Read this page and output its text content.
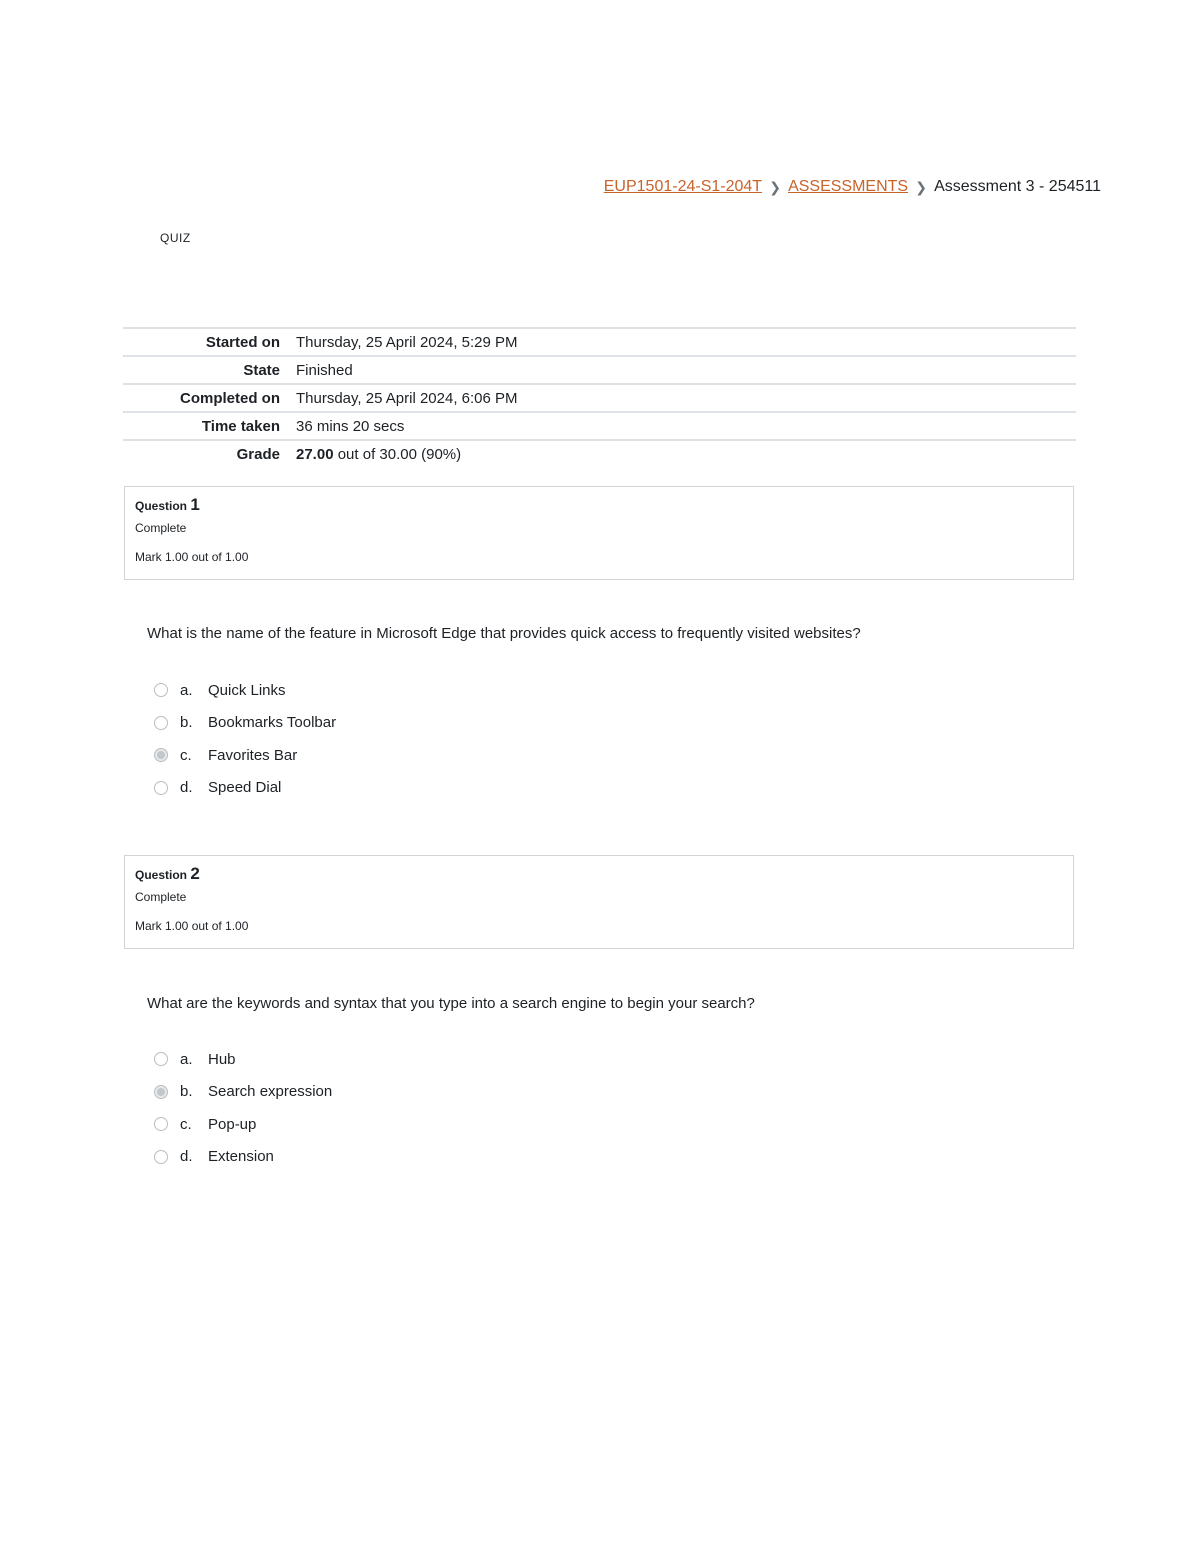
EUP1501-24-S1-204T ❯ ASSESSMENTS ❯ Assessment 3 - 254511
QUIZ
Started on	Thursday, 25 April 2024, 5:29 PM
State	Finished
Completed on	Thursday, 25 April 2024, 6:06 PM
Time taken	36 mins 20 secs
Grade	27.00 out of 30.00 (90%)
Question 1
Complete
Mark 1.00 out of 1.00
What is the name of the feature in Microsoft Edge that provides quick access to frequently visited websites?
a.	Quick Links
b.	Bookmarks Toolbar
c.	Favorites Bar
d.	Speed Dial
Question 2
Complete
Mark 1.00 out of 1.00
What are the keywords and syntax that you type into a search engine to begin your search?
a.	Hub
b.	Search expression
c.	Pop-up
d.	Extension
